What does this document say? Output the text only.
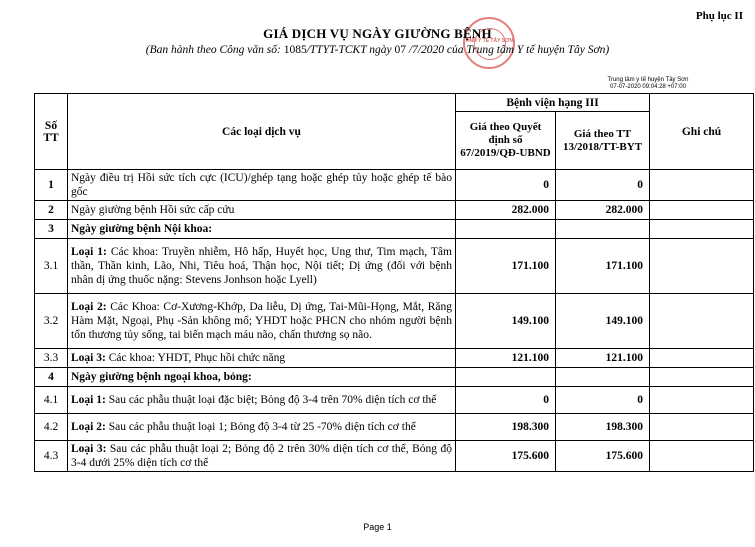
Phụ lục II
TÍNH Y TẾ TÂY SƠN
GIÁ DỊCH VỤ NGÀY GIƯỜNG BỆNH
(Ban hành theo Công văn số: 1085/TTYT-TCKT ngày 07 /7/2020 của Trung tâm Y tế huyện Tây Sơn)
Trung tâm y tế huyện Tây Sơn
07-07-2020 09:04:28 +07:00
Số TT	Các loại dịch vụ	Bệnh viện hạng III		Ghi chú
		Giá theo Quyết định số 67/2019/QĐ-UBND	Giá theo TT 13/2018/TT-BYT	
1	Ngày điều trị Hồi sức tích cực (ICU)/ghép tạng hoặc ghép tủy hoặc ghép tế bào gốc	0	0	
2	Ngày giường bệnh Hồi sức cấp cứu	282.000	282.000	
3	Ngày giường bệnh Nội khoa:			
3.1	Loại 1: Các khoa: Truyền nhiễm, Hô hấp, Huyết học, Ung thư, Tim mạch, Tâm thần, Thần kinh, Lão, Nhi, Tiêu hoá, Thận học, Nội tiết; Dị ứng (đối với bệnh nhân dị ứng thuốc nặng: Stevens Jonhson hoặc Lyell)	171.100	171.100	
3.2	Loại 2: Các Khoa: Cơ-Xương-Khớp, Da liễu, Dị ứng, Tai-Mũi-Họng, Mắt, Răng Hàm Mặt, Ngoại, Phụ -Sản không mổ; YHDT hoặc PHCN cho nhóm người bệnh tổn thương tủy sống, tai biến mạch máu não, chấn thương sọ não.	149.100	149.100	
3.3	Loại 3: Các khoa: YHDT, Phục hồi chức năng	121.100	121.100	
4	Ngày giường bệnh ngoại khoa, bỏng:			
4.1	Loại 1: Sau các phẫu thuật loại đặc biệt; Bỏng độ 3-4 trên 70% diện tích cơ thể	0	0	
4.2	Loại 2: Sau các phẫu thuật loại 1; Bỏng độ 3-4 từ 25 -70% diện tích cơ thể	198.300	198.300	
4.3	Loại 3: Sau các phẫu thuật loại 2; Bỏng độ 2 trên 30% diện tích cơ thể, Bỏng độ 3-4 dưới 25% diện tích cơ thể	175.600	175.600	
Page 1
